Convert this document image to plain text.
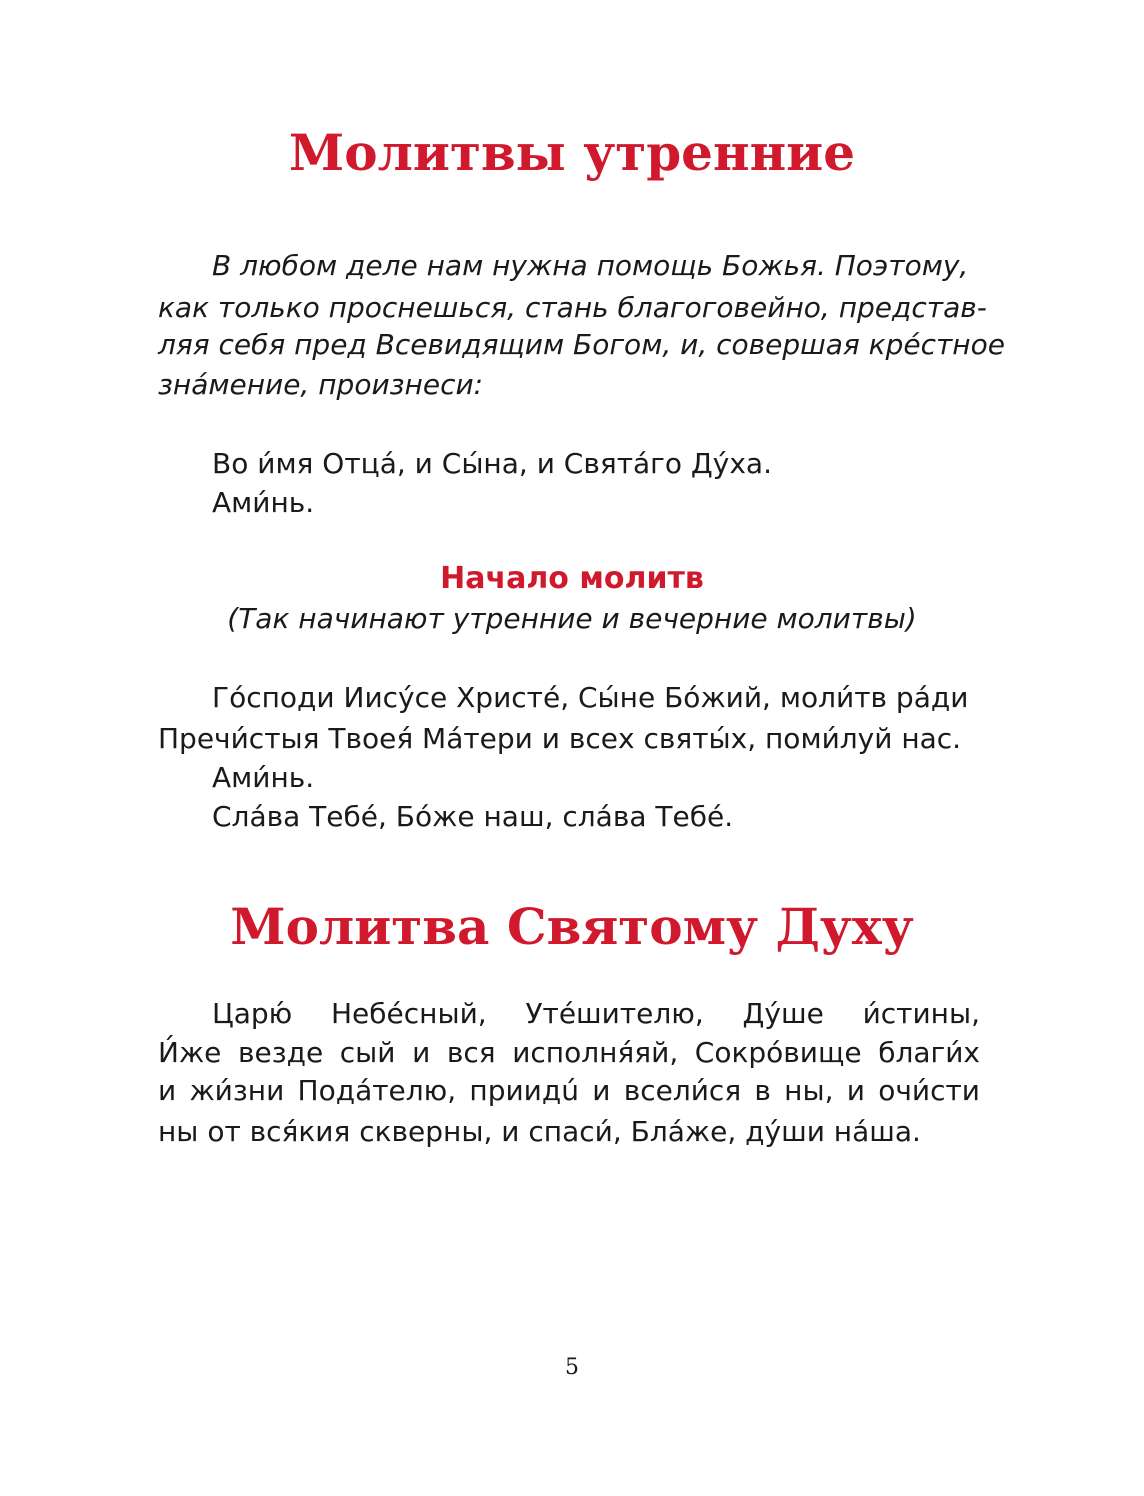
Молитвы утренние

В любом деле нам нужна помощь Божья. Поэтому,

как только проснешься, стань благоговейно, представ-

ляя себя пред Всевидящим Богом, и, совершая крéстное

знáмение, произнеси:

Во и́мя Отцá, и Сы́на, и Святáго Дýха.

Ами́нь.

Начало молитв

(Так начинают утренние и вечерние молитвы)

Гóсподи Иисýсе Христé, Сы́не Бóжий, моли́тв рáди

Пречи́стыя Твоея́ Мáтери и всех святы́х, поми́луй нас.

Ами́нь.

Слáва Тебé, Бóже наш, слáва Тебé.

Молитва Святому Духу

Царю́ Небéсный, Утéшителю, Дýше и́стины,

И́же везде сый и вся исполня́яй, Сокрóвище благи́х

и жи́зни Подáтелю, приидú и всели́ся в ны, и очи́сти

ны от вся́кия скверны, и спаси́, Блáже, дýши нáша.

5
